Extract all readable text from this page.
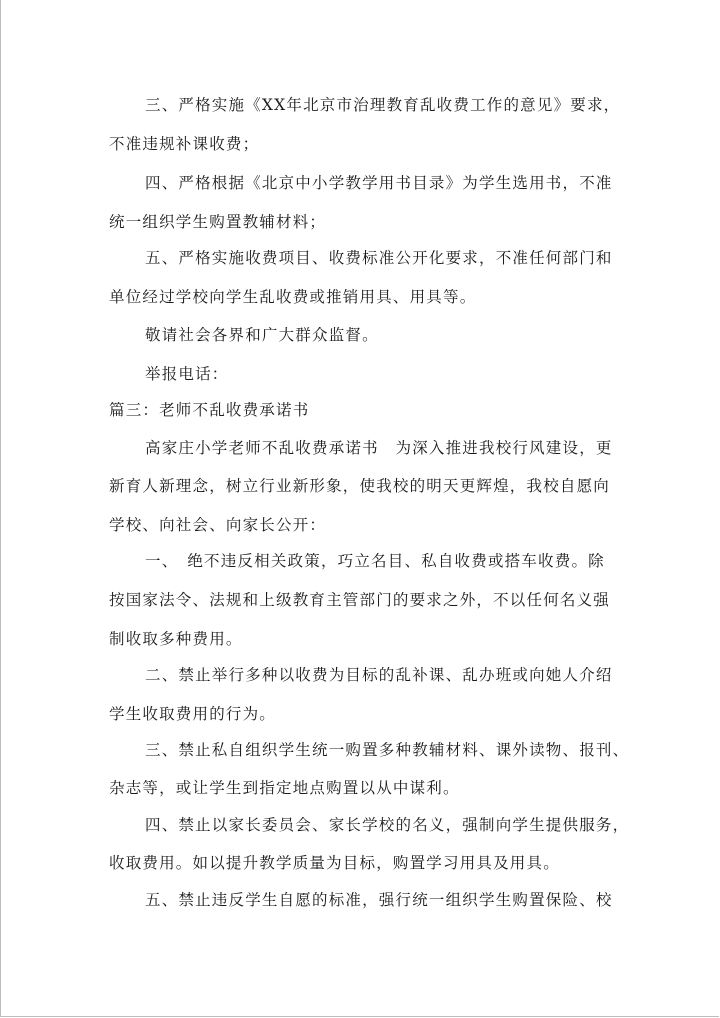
三、严格实施《XX年北京市治理教育乱收费工作的意见》要求，
不准违规补课收费；
四、严格根据《北京中小学教学用书目录》为学生选用书，不准
统一组织学生购置教辅材料；
五、严格实施收费项目、收费标准公开化要求，不准任何部门和
单位经过学校向学生乱收费或推销用具、用具等。
敬请社会各界和广大群众监督。
举报电话：
篇三：老师不乱收费承诺书
高家庄小学老师不乱收费承诺书　为深入推进我校行风建设，更
新育人新理念，树立行业新形象，使我校的明天更辉煌，我校自愿向
学校、向社会、向家长公开：
一、　绝不违反相关政策，巧立名目、私自收费或搭车收费。除
按国家法令、法规和上级教育主管部门的要求之外，不以任何名义强
制收取多种费用。
二、禁止举行多种以收费为目标的乱补课、乱办班或向她人介绍
学生收取费用的行为。
三、禁止私自组织学生统一购置多种教辅材料、课外读物、报刊、
杂志等，或让学生到指定地点购置以从中谋利。
四、禁止以家长委员会、家长学校的名义，强制向学生提供服务，
收取费用。如以提升教学质量为目标，购置学习用具及用具。
五、禁止违反学生自愿的标准，强行统一组织学生购置保险、校
